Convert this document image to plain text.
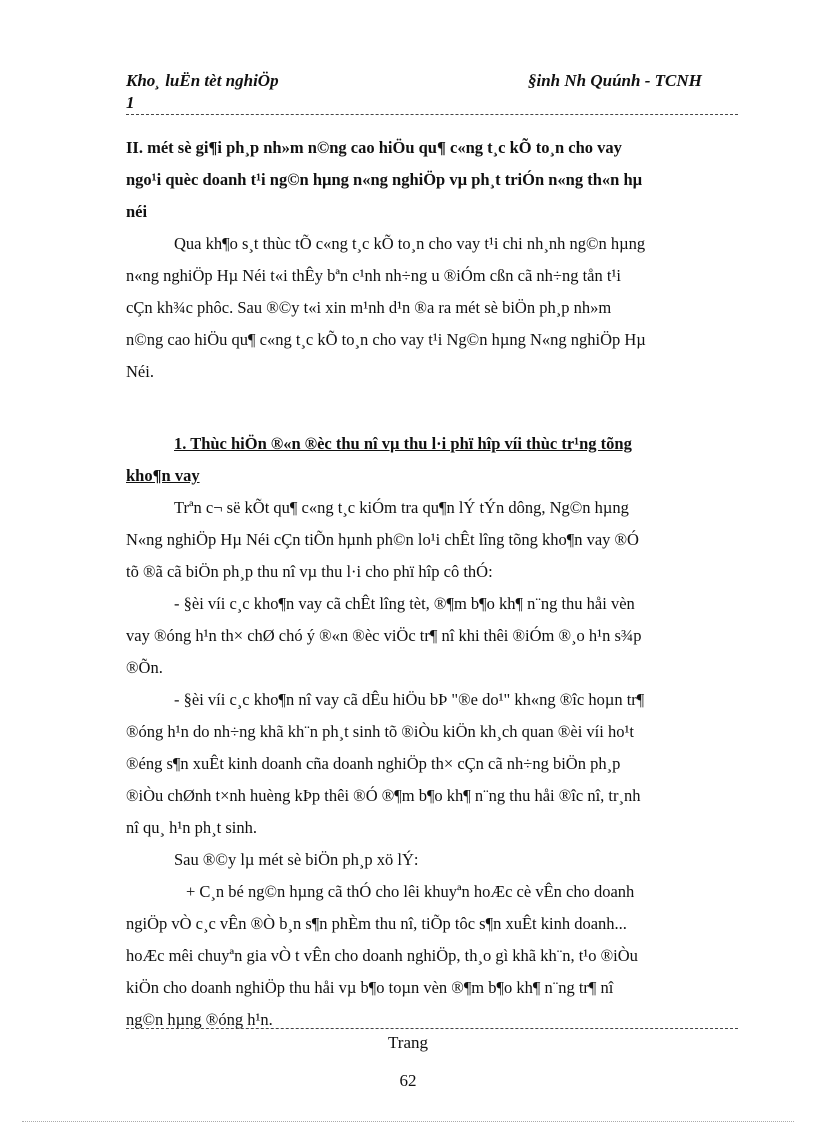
Kho¸ luËn tèt nghiÖp
1
§inh Nh Quúnh - TCNH
II. mét sè gi¶i ph¸p nh»m n©ng cao hiÖu qu¶ c«ng t¸c kÕ to¸n cho vay
ngo¹i quèc doanh t¹i ng©n hµng n«ng nghiÖp vµ ph¸t triÓn n«ng th«n hµ
néi
Qua kh¶o s¸t thùc tÕ c«ng t¸c kÕ to¸n cho vay t¹i chi nh¸nh ng©n hµng
n«ng nghiÖp Hµ Néi t«i thÊy bªn c¹nh nh÷ng u ®iÓm cßn cã nh÷ng tån t¹i
cÇn kh¾c phôc. Sau ®©y t«i xin m¹nh d¹n ®a ra mét sè biÖn ph¸p nh»m
n©ng cao hiÖu qu¶ c«ng t¸c kÕ to¸n cho vay t¹i Ng©n hµng N«ng nghiÖp Hµ
Néi.
1. Thùc hiÖn ®«n ®èc thu nî vµ thu l·i phï hîp víi thùc tr¹ng tõng
kho¶n vay
Trªn c¬ së kÕt qu¶ c«ng t¸c kiÓm tra qu¶n lÝ tÝn dông, Ng©n hµng
N«ng nghiÖp Hµ Néi cÇn tiÕn hµnh ph©n lo¹i chÊt lîng tõng kho¶n vay ®Ó
tõ ®ã cã biÖn ph¸p thu nî vµ thu l·i cho phï hîp cô thÓ:
- §èi víi c¸c kho¶n vay cã chÊt lîng tèt, ®¶m b¶o kh¶ n¨ng thu håi vèn
vay ®óng h¹n th× chØ chó ý ®«n ®èc viÖc tr¶ nî khi thêi ®iÓm ®¸o h¹n s¾p
®Õn.
- §èi víi c¸c kho¶n nî vay cã dÊu hiÖu bÞ "®e do¹" kh«ng ®îc hoµn tr¶
®óng h¹n do nh÷ng khã kh¨n ph¸t sinh tõ ®iÒu kiÖn kh¸ch quan ®èi víi ho¹t
®éng s¶n xuÊt kinh doanh cña doanh nghiÖp th× cÇn cã nh÷ng biÖn ph¸p
®iÒu chØnh t×nh huèng kÞp thêi ®Ó ®¶m b¶o kh¶ n¨ng thu håi ®îc nî, tr¸nh
nî qu¸ h¹n ph¸t sinh.
Sau ®©y lµ mét sè biÖn ph¸p xö lÝ:
+ C¸n bé ng©n hµng cã thÓ cho lêi khuyªn hoÆc cè vÊn cho doanh
ngiÖp vÒ c¸c vÊn ®Ò b¸n s¶n phÈm thu nî, tiÕp tôc s¶n xuÊt kinh doanh...
hoÆc mêi chuyªn gia vÒ t vÊn cho doanh nghiÖp, th¸o gì khã kh¨n, t¹o ®iÒu
kiÖn cho doanh nghiÖp thu håi vµ b¶o toµn vèn ®¶m b¶o kh¶ n¨ng tr¶ nî
ng©n hµng ®óng h¹n.
Trang
62
